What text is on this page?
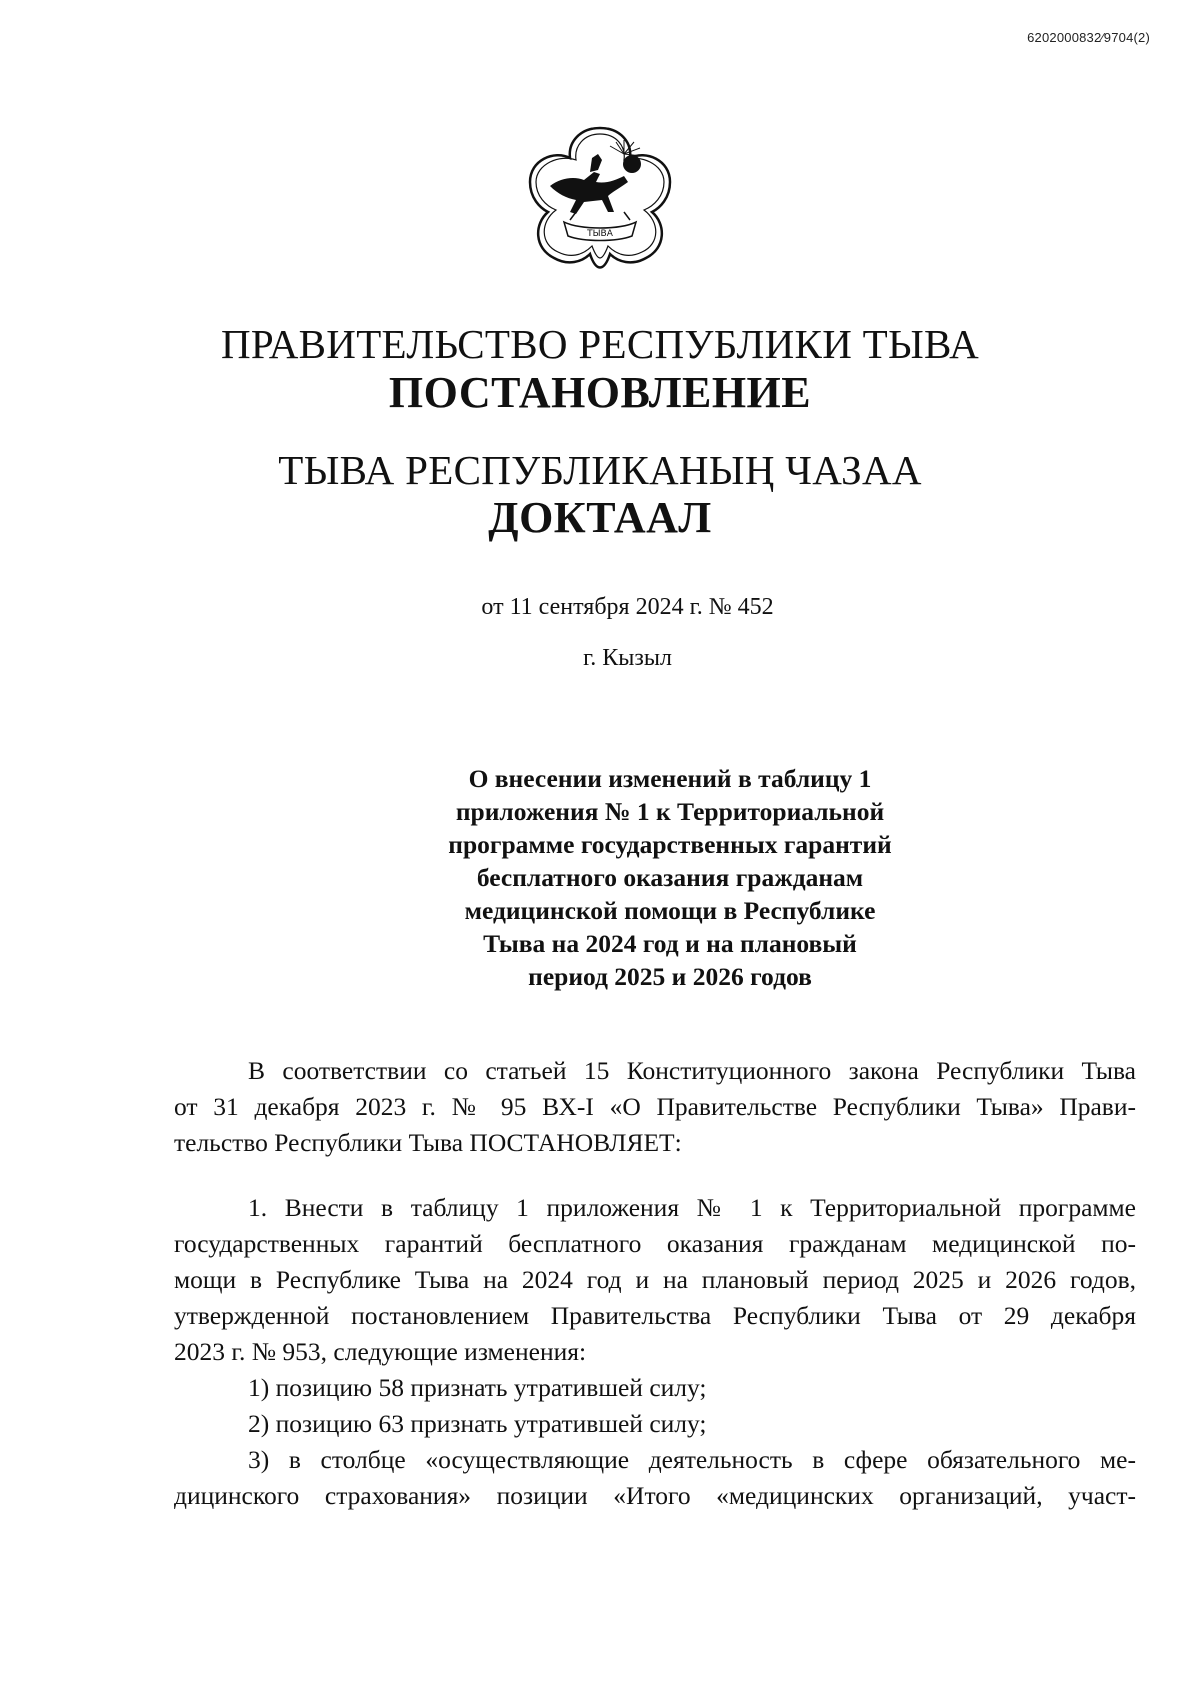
6202000832⁄9704(2)
ТЫВА
ПРАВИТЕЛЬСТВО РЕСПУБЛИКИ ТЫВА
ПОСТАНОВЛЕНИЕ
ТЫВА РЕСПУБЛИКАНЫҢ ЧАЗАА
ДОКТААЛ
от 11 сентября 2024 г. № 452
г. Кызыл
О внесении изменений в таблицу 1
приложения № 1 к Территориальной
программе государственных гарантий
бесплатного оказания гражданам
медицинской помощи в Республике
Тыва на 2024 год и на плановый
период 2025 и 2026 годов
В соответствии со статьей 15 Конституционного закона Республики Тыва
от 31 декабря 2023 г. № 95 ВХ-I «О Правительстве Республики Тыва» Прави-
тельство Республики Тыва ПОСТАНОВЛЯЕТ:
1. Внести в таблицу 1 приложения № 1 к Территориальной программе
государственных гарантий бесплатного оказания гражданам медицинской по-
мощи в Республике Тыва на 2024 год и на плановый период 2025 и 2026 годов,
утвержденной постановлением Правительства Республики Тыва от 29 декабря
2023 г. № 953, следующие изменения:
1) позицию 58 признать утратившей силу;
2) позицию 63 признать утратившей силу;
3) в столбце «осуществляющие деятельность в сфере обязательного ме-
дицинского страхования» позиции «Итого «медицинских организаций, участ-
